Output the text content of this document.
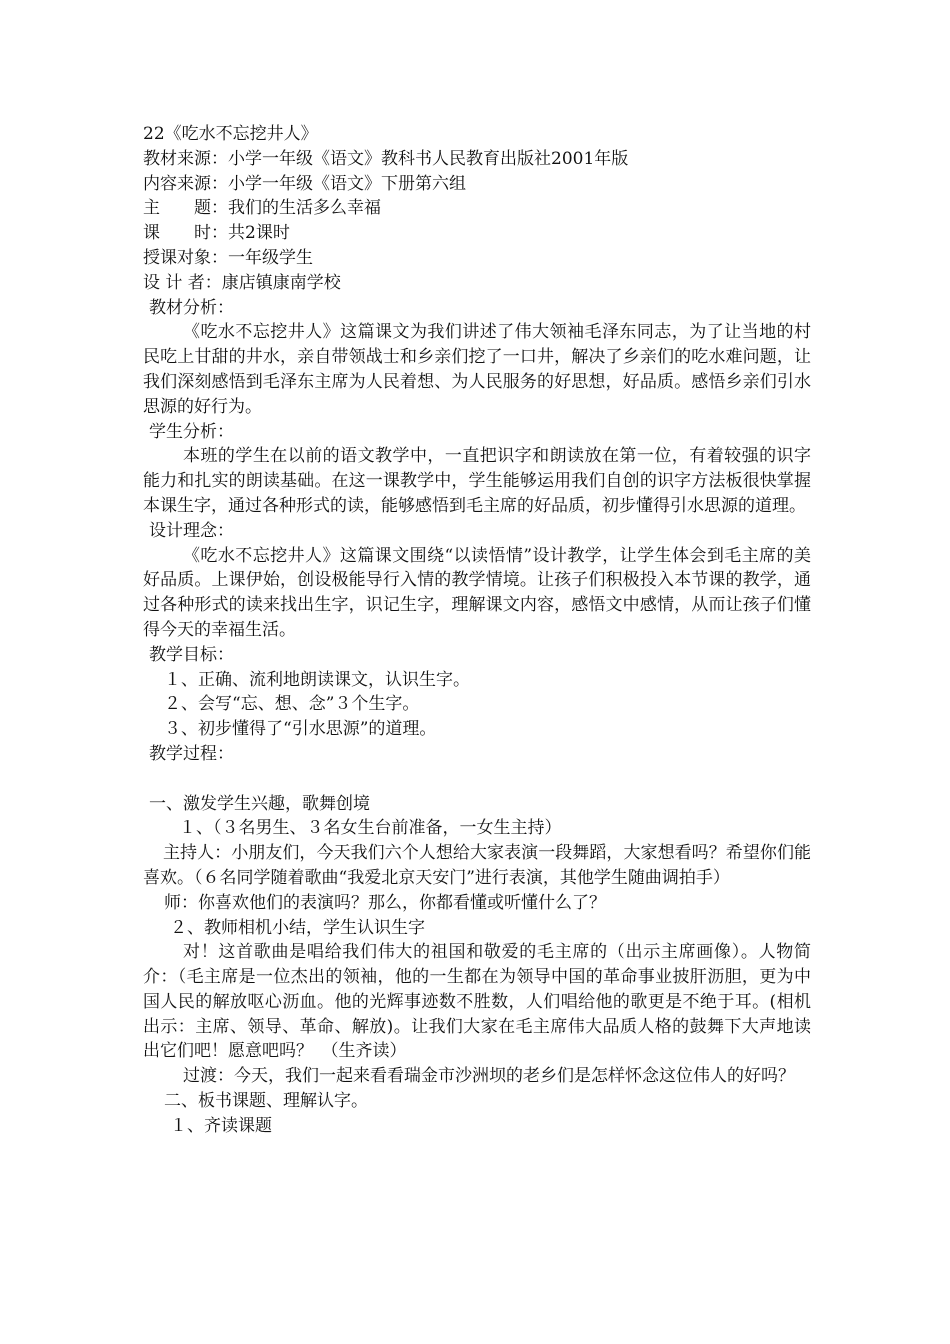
22《吃水不忘挖井人》

教材来源：小学一年级《语文》教科书人民教育出版社2001年版

内容来源：小学一年级《语文》下册第六组

主　　题：我们的生活多么幸福

课　　时：共2课时

授课对象：一年级学生

设 计 者：康店镇康南学校

教材分析：

《吃水不忘挖井人》这篇课文为我们讲述了伟大领袖毛泽东同志，为了让当地的村民吃上甘甜的井水，亲自带领战士和乡亲们挖了一口井，解决了乡亲们的吃水难问题，让我们深刻感悟到毛泽东主席为人民着想、为人民服务的好思想，好品质。感悟乡亲们引水思源的好行为。

学生分析：

本班的学生在以前的语文教学中，一直把识字和朗读放在第一位，有着较强的识字能力和扎实的朗读基础。在这一课教学中，学生能够运用我们自创的识字方法板很快掌握本课生字，通过各种形式的读，能够感悟到毛主席的好品质，初步懂得引水思源的道理。

设计理念：

《吃水不忘挖井人》这篇课文围绕“以读悟情”设计教学，让学生体会到毛主席的美好品质。上课伊始，创设极能导行入情的教学情境。让孩子们积极投入本节课的教学，通过各种形式的读来找出生字，识记生字，理解课文内容，感悟文中感情，从而让孩子们懂得今天的幸福生活。

教学目标：

１、正确、流利地朗读课文，认识生字。

２、会写“忘、想、念”３个生字。

３、初步懂得了“引水思源”的道理。

教学过程：

一、激发学生兴趣，歌舞创境

１、（３名男生、３名女生台前准备，一女生主持）

主持人：小朋友们，今天我们六个人想给大家表演一段舞蹈，大家想看吗？希望你们能喜欢。（６名同学随着歌曲“我爱北京天安门”进行表演，其他学生随曲调拍手）

师：你喜欢他们的表演吗？那么，你都看懂或听懂什么了？

２、教师相机小结，学生认识生字

对！这首歌曲是唱给我们伟大的祖国和敬爱的毛主席的（出示主席画像）。人物简介：（毛主席是一位杰出的领袖，他的一生都在为领导中国的革命事业披肝沥胆，更为中国人民的解放呕心沥血。他的光辉事迹数不胜数，人们唱给他的歌更是不绝于耳。(相机出示：主席、领导、革命、解放)。让我们大家在毛主席伟大品质人格的鼓舞下大声地读出它们吧！愿意吧吗？　（生齐读）

过渡：今天，我们一起来看看瑞金市沙洲坝的老乡们是怎样怀念这位伟人的好吗？

二、板书课题、理解认字。

１、齐读课题
